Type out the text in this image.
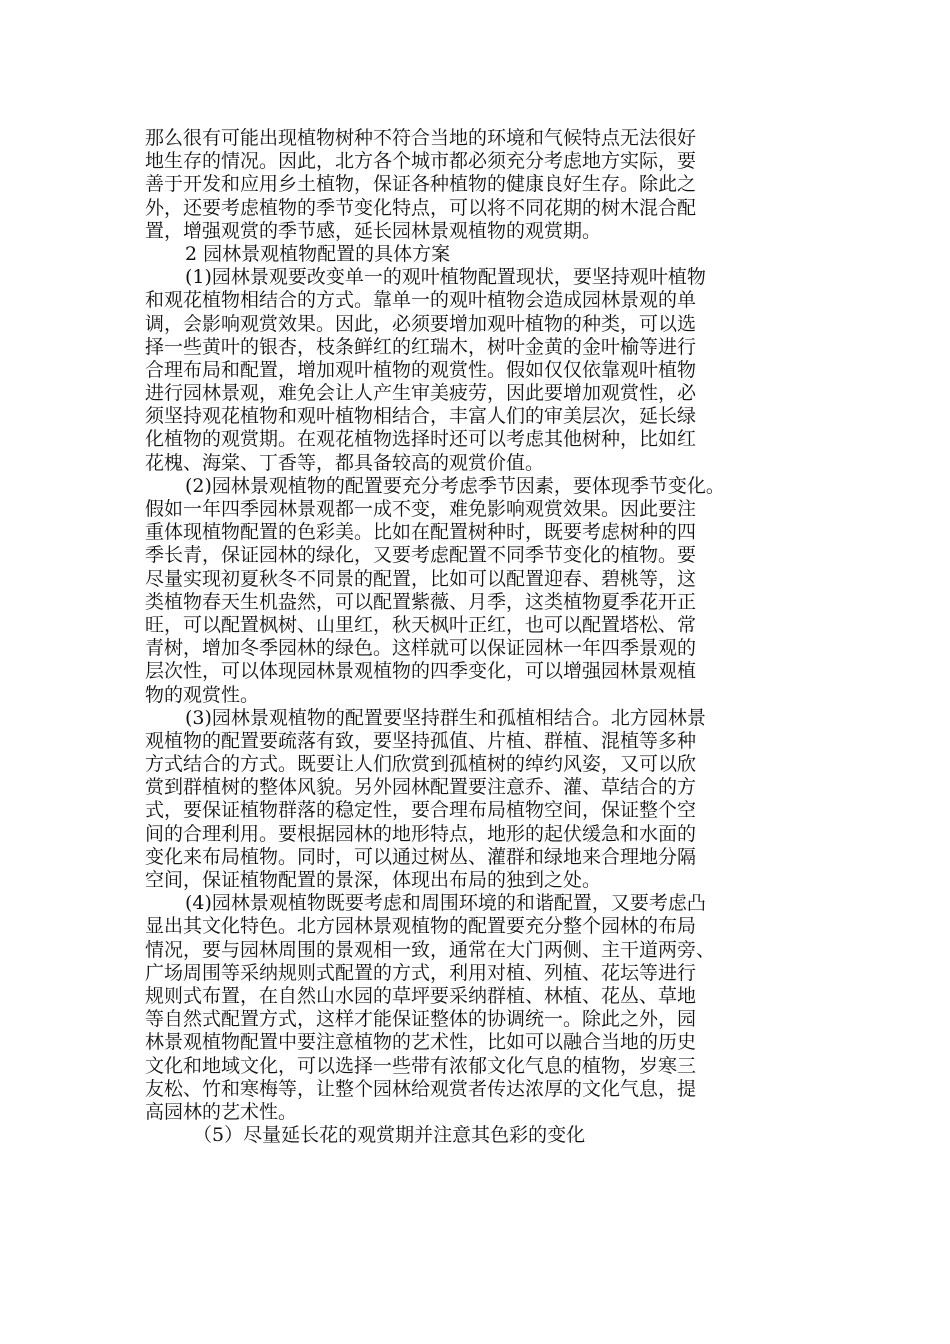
那么很有可能出现植物树种不符合当地的环境和气候特点无法很好
地生存的情况。因此，北方各个城市都必须充分考虑地方实际，要
善于开发和应用乡土植物，保证各种植物的健康良好生存。除此之
外，还要考虑植物的季节变化特点，可以将不同花期的树木混合配
置，增强观赏的季节感，延长园林景观植物的观赏期。
2 园林景观植物配置的具体方案
(1)园林景观要改变单一的观叶植物配置现状，要坚持观叶植物
和观花植物相结合的方式。靠单一的观叶植物会造成园林景观的单
调，会影响观赏效果。因此，必须要增加观叶植物的种类，可以选
择一些黄叶的银杏，枝条鲜红的红瑞木，树叶金黄的金叶榆等进行
合理布局和配置，增加观叶植物的观赏性。假如仅仅依靠观叶植物
进行园林景观，难免会让人产生审美疲劳，因此要增加观赏性，必
须坚持观花植物和观叶植物相结合，丰富人们的审美层次，延长绿
化植物的观赏期。在观花植物选择时还可以考虑其他树种，比如红
花槐、海棠、丁香等，都具备较高的观赏价值。
(2)园林景观植物的配置要充分考虑季节因素，要体现季节变化。
假如一年四季园林景观都一成不变，难免影响观赏效果。因此要注
重体现植物配置的色彩美。比如在配置树种时，既要考虑树种的四
季长青，保证园林的绿化，又要考虑配置不同季节变化的植物。要
尽量实现初夏秋冬不同景的配置，比如可以配置迎春、碧桃等，这
类植物春天生机盎然，可以配置紫薇、月季，这类植物夏季花开正
旺，可以配置枫树、山里红，秋天枫叶正红，也可以配置塔松、常
青树，增加冬季园林的绿色。这样就可以保证园林一年四季景观的
层次性，可以体现园林景观植物的四季变化，可以增强园林景观植
物的观赏性。
(3)园林景观植物的配置要坚持群生和孤植相结合。北方园林景
观植物的配置要疏落有致，要坚持孤值、片植、群植、混植等多种
方式结合的方式。既要让人们欣赏到孤植树的绰约风姿，又可以欣
赏到群植树的整体风貌。另外园林配置要注意乔、灌、草结合的方
式，要保证植物群落的稳定性，要合理布局植物空间，保证整个空
间的合理利用。要根据园林的地形特点，地形的起伏缓急和水面的
变化来布局植物。同时，可以通过树丛、灌群和绿地来合理地分隔
空间，保证植物配置的景深，体现出布局的独到之处。
(4)园林景观植物既要考虑和周围环境的和谐配置，又要考虑凸
显出其文化特色。北方园林景观植物的配置要充分整个园林的布局
情况，要与园林周围的景观相一致，通常在大门两侧、主干道两旁、
广场周围等采纳规则式配置的方式，利用对植、列植、花坛等进行
规则式布置，在自然山水园的草坪要采纳群植、林植、花丛、草地
等自然式配置方式，这样才能保证整体的协调统一。除此之外，园
林景观植物配置中要注意植物的艺术性，比如可以融合当地的历史
文化和地域文化，可以选择一些带有浓郁文化气息的植物，岁寒三
友松、竹和寒梅等，让整个园林给观赏者传达浓厚的文化气息，提
高园林的艺术性。
（5）尽量延长花的观赏期并注意其色彩的变化
